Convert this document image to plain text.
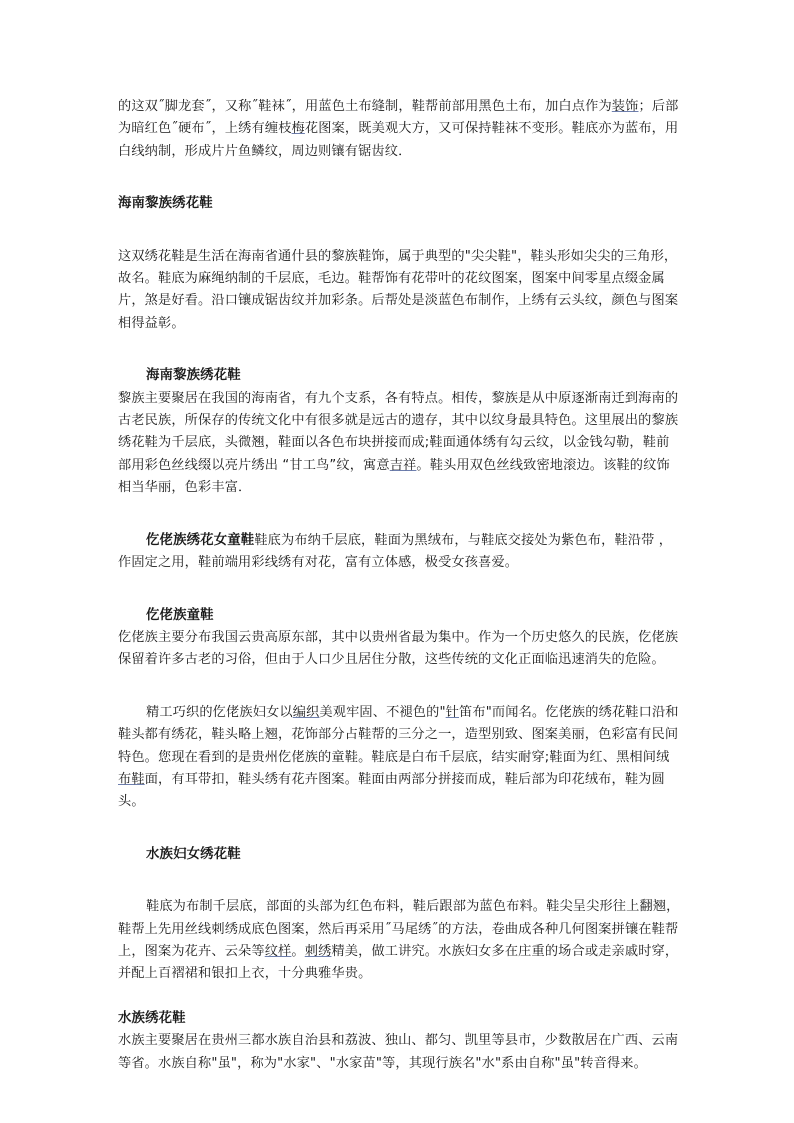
的这双˝脚龙套˝，又称˝鞋袜˝，用蓝色土布缝制，鞋帮前部用黑色土布，加白点作为装饰；后部为暗红色˝硬布˝，上绣有缠枝梅花图案，既美观大方，又可保持鞋袜不变形。鞋底亦为蓝布，用白线纳制，形成片片鱼鳞纹，周边则镶有锯齿纹．

海南黎族绣花鞋

这双绣花鞋是生活在海南省通什县的黎族鞋饰，属于典型的"尖尖鞋"，鞋头形如尖尖的三角形，故名。鞋底为麻绳纳制的千层底，毛边。鞋帮饰有花带叶的花纹图案，图案中间零星点缀金属片，煞是好看。沿口镶成锯齿纹并加彩条。后帮处是淡蓝色布制作，上绣有云头纹，颜色与图案相得益彰。

海南黎族绣花鞋

黎族主要聚居在我国的海南省，有九个支系，各有特点。相传，黎族是从中原逐渐南迁到海南的古老民族，所保存的传统文化中有很多就是远古的遗存，其中以纹身最具特色。这里展出的黎族绣花鞋为千层底，头微翘，鞋面以各色布块拼接而成;鞋面通体绣有勾云纹，以金钱勾勒，鞋前部用彩色丝线缀以亮片绣出 “甘工鸟”纹，寓意吉祥。鞋头用双色丝线致密地滚边。该鞋的纹饰相当华丽，色彩丰富．

仡佬族绣花女童鞋鞋底为布纳千层底，鞋面为黑绒布，与鞋底交接处为紫色布，鞋沿带 ，作固定之用，鞋前端用彩线绣有对花，富有立体感，极受女孩喜爱。

仡佬族童鞋

仡佬族主要分布我国云贵高原东部，其中以贵州省最为集中。作为一个历史悠久的民族，仡佬族保留着许多古老的习俗，但由于人口少且居住分散，这些传统的文化正面临迅速消失的危险。

精工巧织的仡佬族妇女以编织美观牢固、不褪色的"针笛布"而闻名。仡佬族的绣花鞋口沿和鞋头都有绣花，鞋头略上翘，花饰部分占鞋帮的三分之一，造型别致、图案美丽，色彩富有民间特色。您现在看到的是贵州仡佬族的童鞋。鞋底是白布千层底，结实耐穿;鞋面为红、黑相间绒布鞋面，有耳带扣，鞋头绣有花卉图案。鞋面由两部分拼接而成，鞋后部为印花绒布，鞋为圆头。

水族妇女绣花鞋

鞋底为布制千层底，部面的头部为红色布料，鞋后跟部为蓝色布料。鞋尖呈尖形往上翻翘，鞋帮上先用丝线刺绣成底色图案，然后再采用˝马尾绣˝的方法，卷曲成各种几何图案拼镶在鞋帮上，图案为花卉、云朵等纹样。刺绣精美，做工讲究。水族妇女多在庄重的场合或走亲戚时穿，并配上百褶裙和银扣上衣，十分典雅华贵。

水族绣花鞋

水族主要聚居在贵州三都水族自治县和荔波、独山、都匀、凯里等县市，少数散居在广西、云南等省。水族自称"虽"，称为"水家"、"水家苗"等，其现行族名"水"系由自称"虽"转音得来。
